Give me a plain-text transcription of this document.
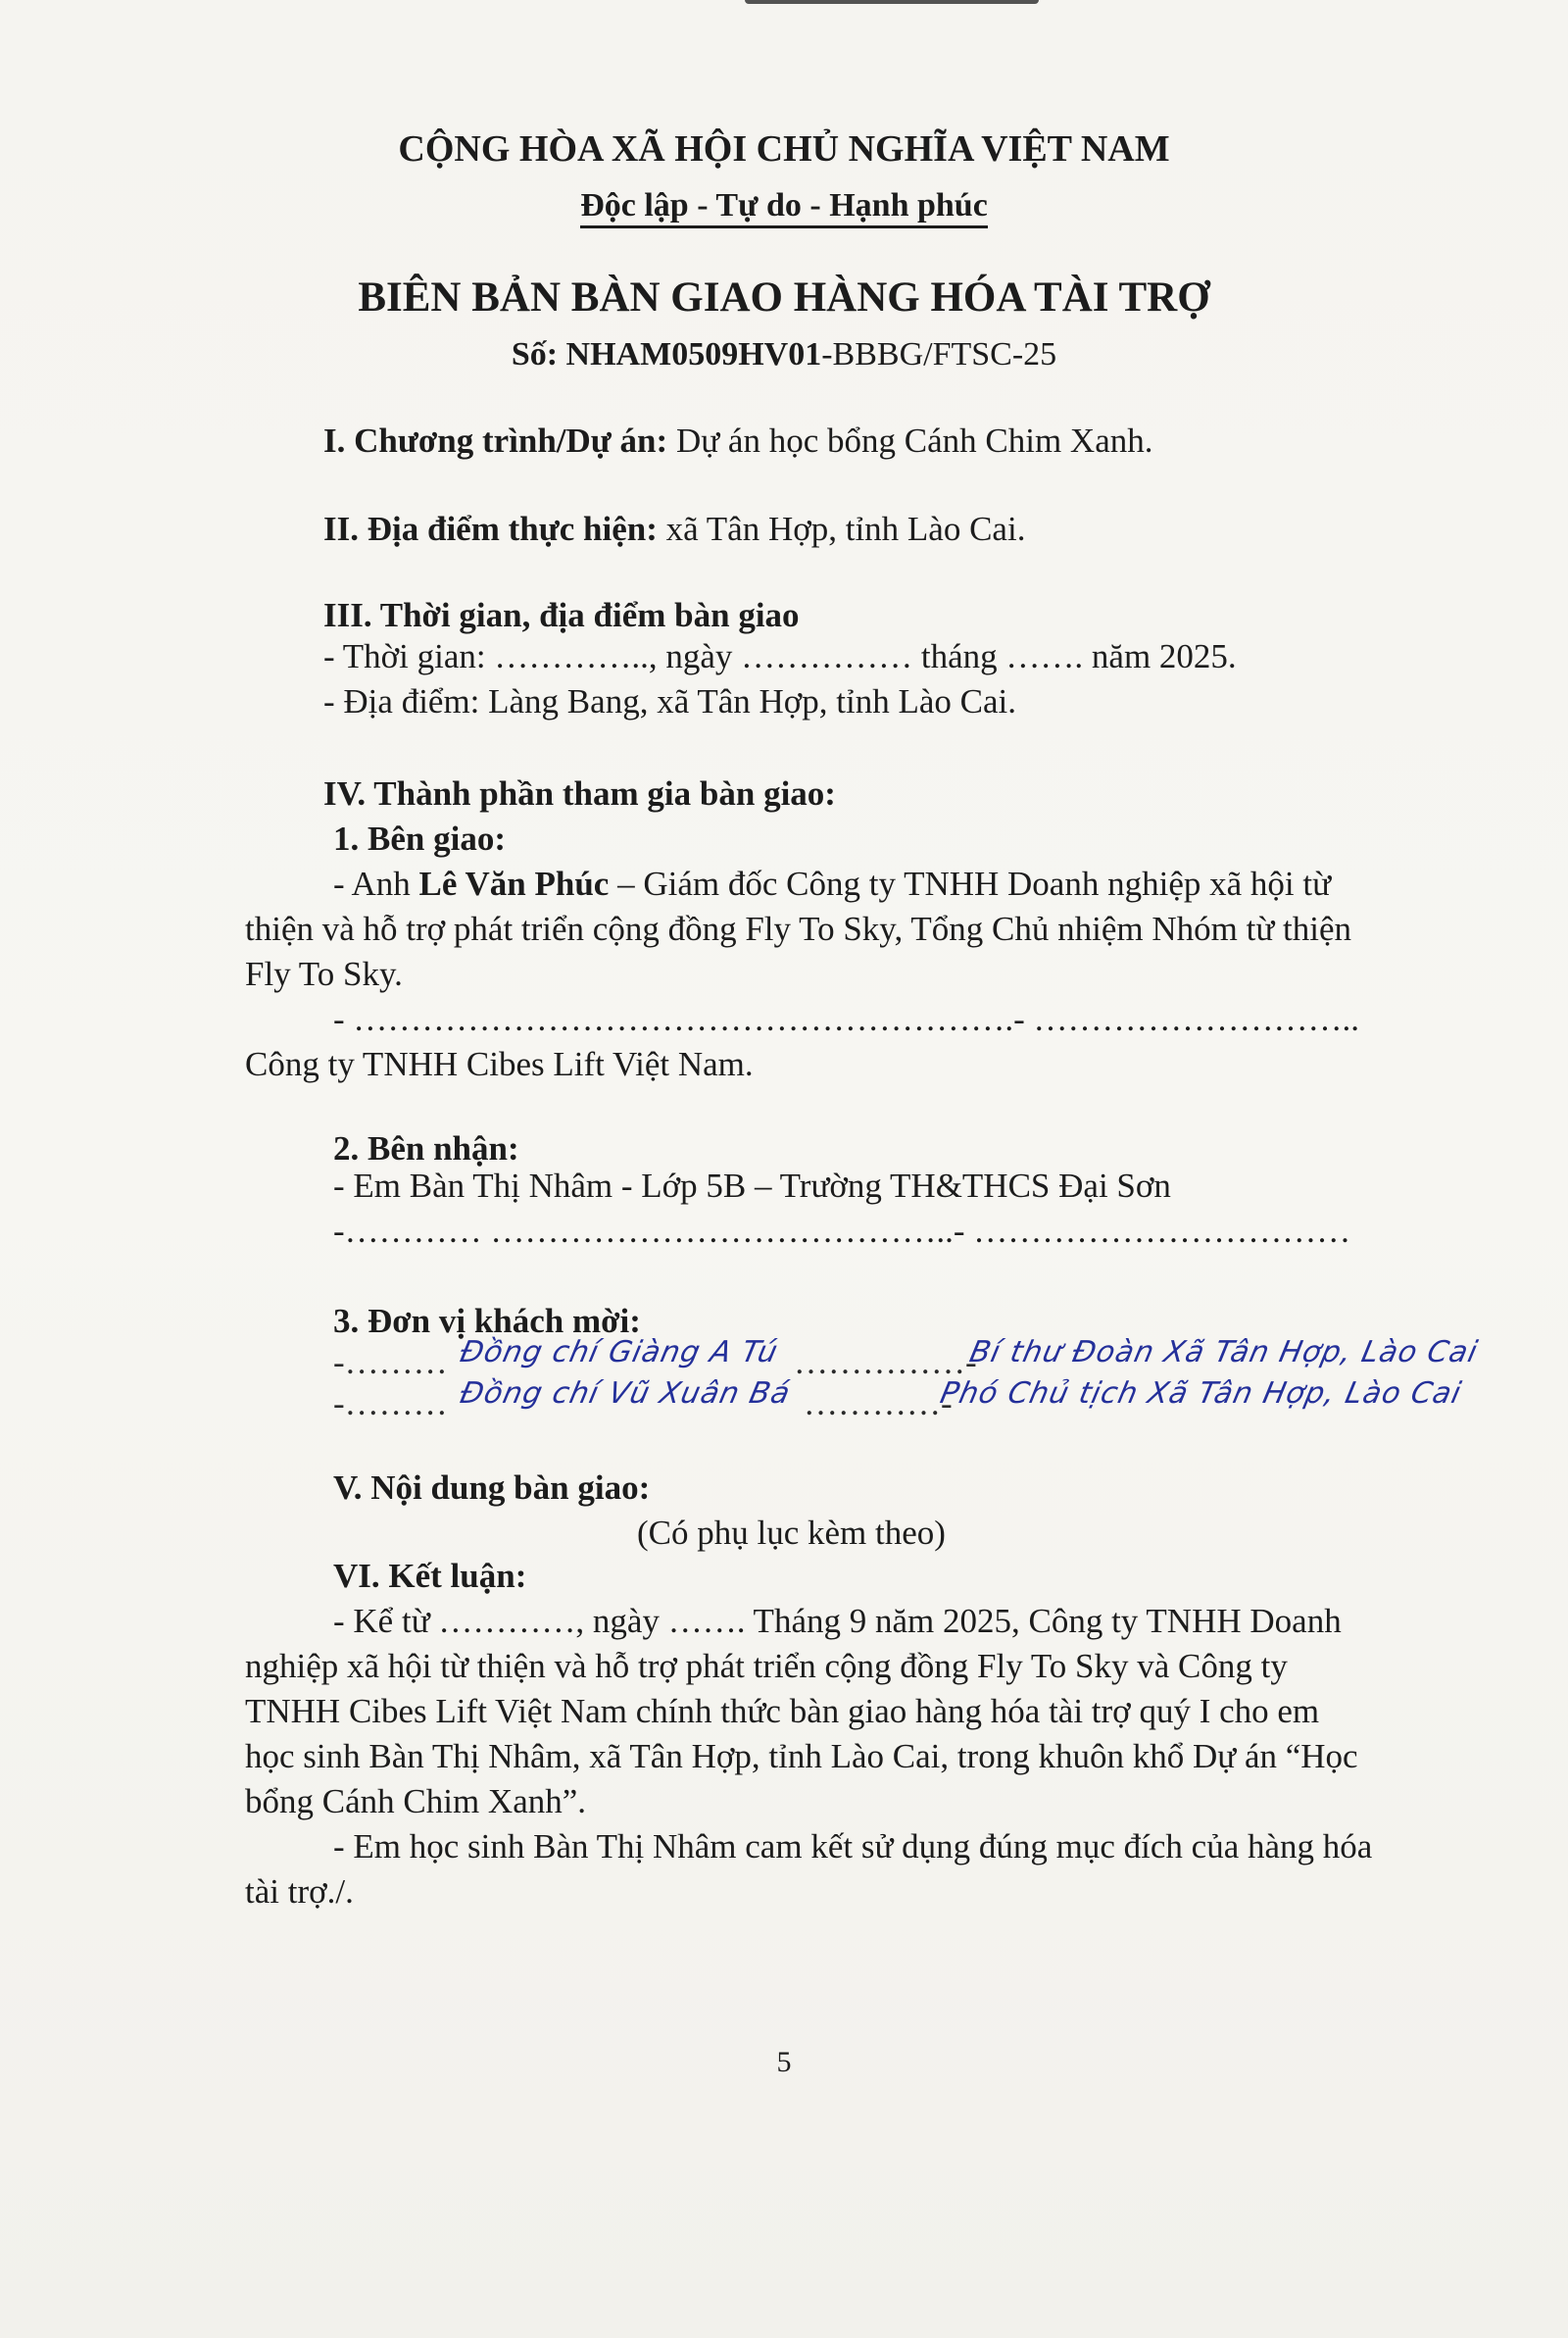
CỘNG HÒA XÃ HỘI CHỦ NGHĨA VIỆT NAM
Độc lập - Tự do - Hạnh phúc
BIÊN BẢN BÀN GIAO HÀNG HÓA TÀI TRỢ
Số: NHAM0509HV01-BBBG/FTSC-25
I. Chương trình/Dự án: Dự án học bổng Cánh Chim Xanh.
II. Địa điểm thực hiện: xã Tân Hợp, tỉnh Lào Cai.
III. Thời gian, địa điểm bàn giao
- Thời gian: ………….., ngày …………… tháng ……. năm 2025.
- Địa điểm: Làng Bang, xã Tân Hợp, tỉnh Lào Cai.
IV. Thành phần tham gia bàn giao:
1. Bên giao:
- Anh Lê Văn Phúc – Giám đốc Công ty TNHH Doanh nghiệp xã hội từ
thiện và hỗ trợ phát triển cộng đồng Fly To Sky, Tổng Chủ nhiệm Nhóm từ thiện
Fly To Sky.
- ………………………………………………….- ………………………..
Công ty TNHH Cibes Lift Việt Nam.
2. Bên nhận:
- Em Bàn Thị Nhâm - Lớp 5B – Trường TH&THCS Đại Sơn
-………… …………………………………..- ……………………………
3. Đơn vị khách mời:
-……… Đồng chí Giàng A Tú ……………-
Bí thư Đoàn Xã Tân Hợp, Lào Cai
-……… Đồng chí Vũ Xuân Bá …………-
Phó Chủ tịch Xã Tân Hợp, Lào Cai
V. Nội dung bàn giao:
(Có phụ lục kèm theo)
VI. Kết luận:
- Kể từ …………, ngày ……. Tháng 9 năm 2025, Công ty TNHH Doanh
nghiệp xã hội từ thiện và hỗ trợ phát triển cộng đồng Fly To Sky và Công ty
TNHH Cibes Lift Việt Nam chính thức bàn giao hàng hóa tài trợ quý I cho em
học sinh Bàn Thị Nhâm, xã Tân Hợp, tỉnh Lào Cai, trong khuôn khổ Dự án “Học
bổng Cánh Chim Xanh”.
- Em học sinh Bàn Thị Nhâm cam kết sử dụng đúng mục đích của hàng hóa
tài trợ./.
5
